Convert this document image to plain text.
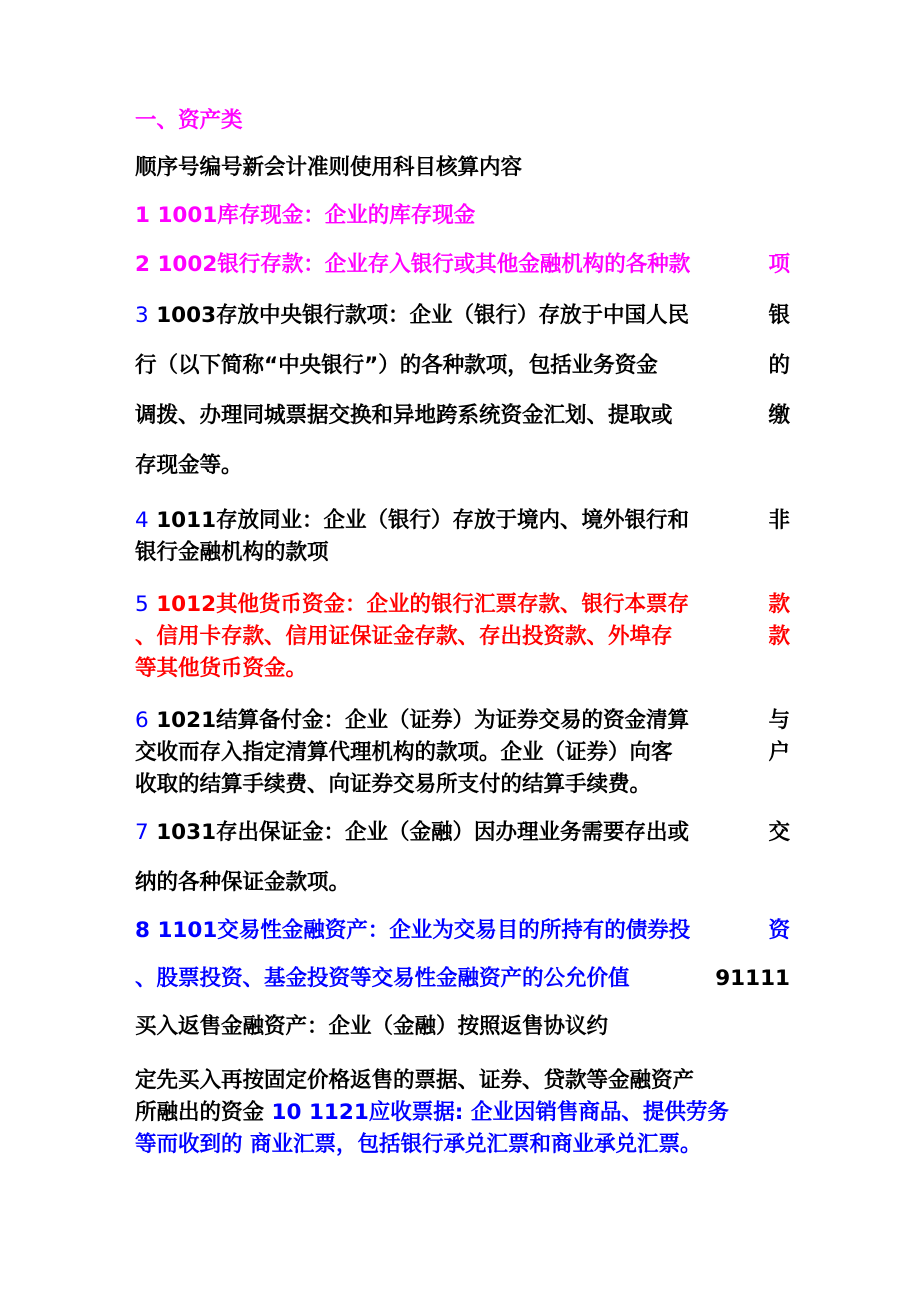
一、资产类
顺序号编号新会计准则使用科目核算内容
1 1001库存现金：企业的库存现金
2 1002银行存款：企业存入银行或其他金融机构的各种款	项
3 1003存放中央银行款项：企业（银行）存放于中国人民	银
行（以下简称“中央银行”）的各种款项，包括业务资金	的
调拨、办理同城票据交换和异地跨系统资金汇划、提取或	缴
存现金等。
4 1011存放同业：企业（银行）存放于境内、境外银行和	非
银行金融机构的款项
5 1012其他货币资金：企业的银行汇票存款、银行本票存	款
、信用卡存款、信用证保证金存款、存出投资款、外埠存	款
等其他货币资金。
6 1021结算备付金：企业（证券）为证券交易的资金清算	与
交收而存入指定清算代理机构的款项。企业（证券）向客	户
收取的结算手续费、向证券交易所支付的结算手续费。
7 1031存出保证金：企业（金融）因办理业务需要存出或	交
纳的各种保证金款项。
8 1101交易性金融资产：企业为交易目的所持有的债券投	资
、股票投资、基金投资等交易性金融资产的公允价值	91111
买入返售金融资产：企业（金融）按照返售协议约
定先买入再按固定价格返售的票据、证券、贷款等金融资产
所融出的资金 10 1121应收票据: 企业因销售商品、提供劳务
等而收到的 商业汇票，包括银行承兑汇票和商业承兑汇票。
